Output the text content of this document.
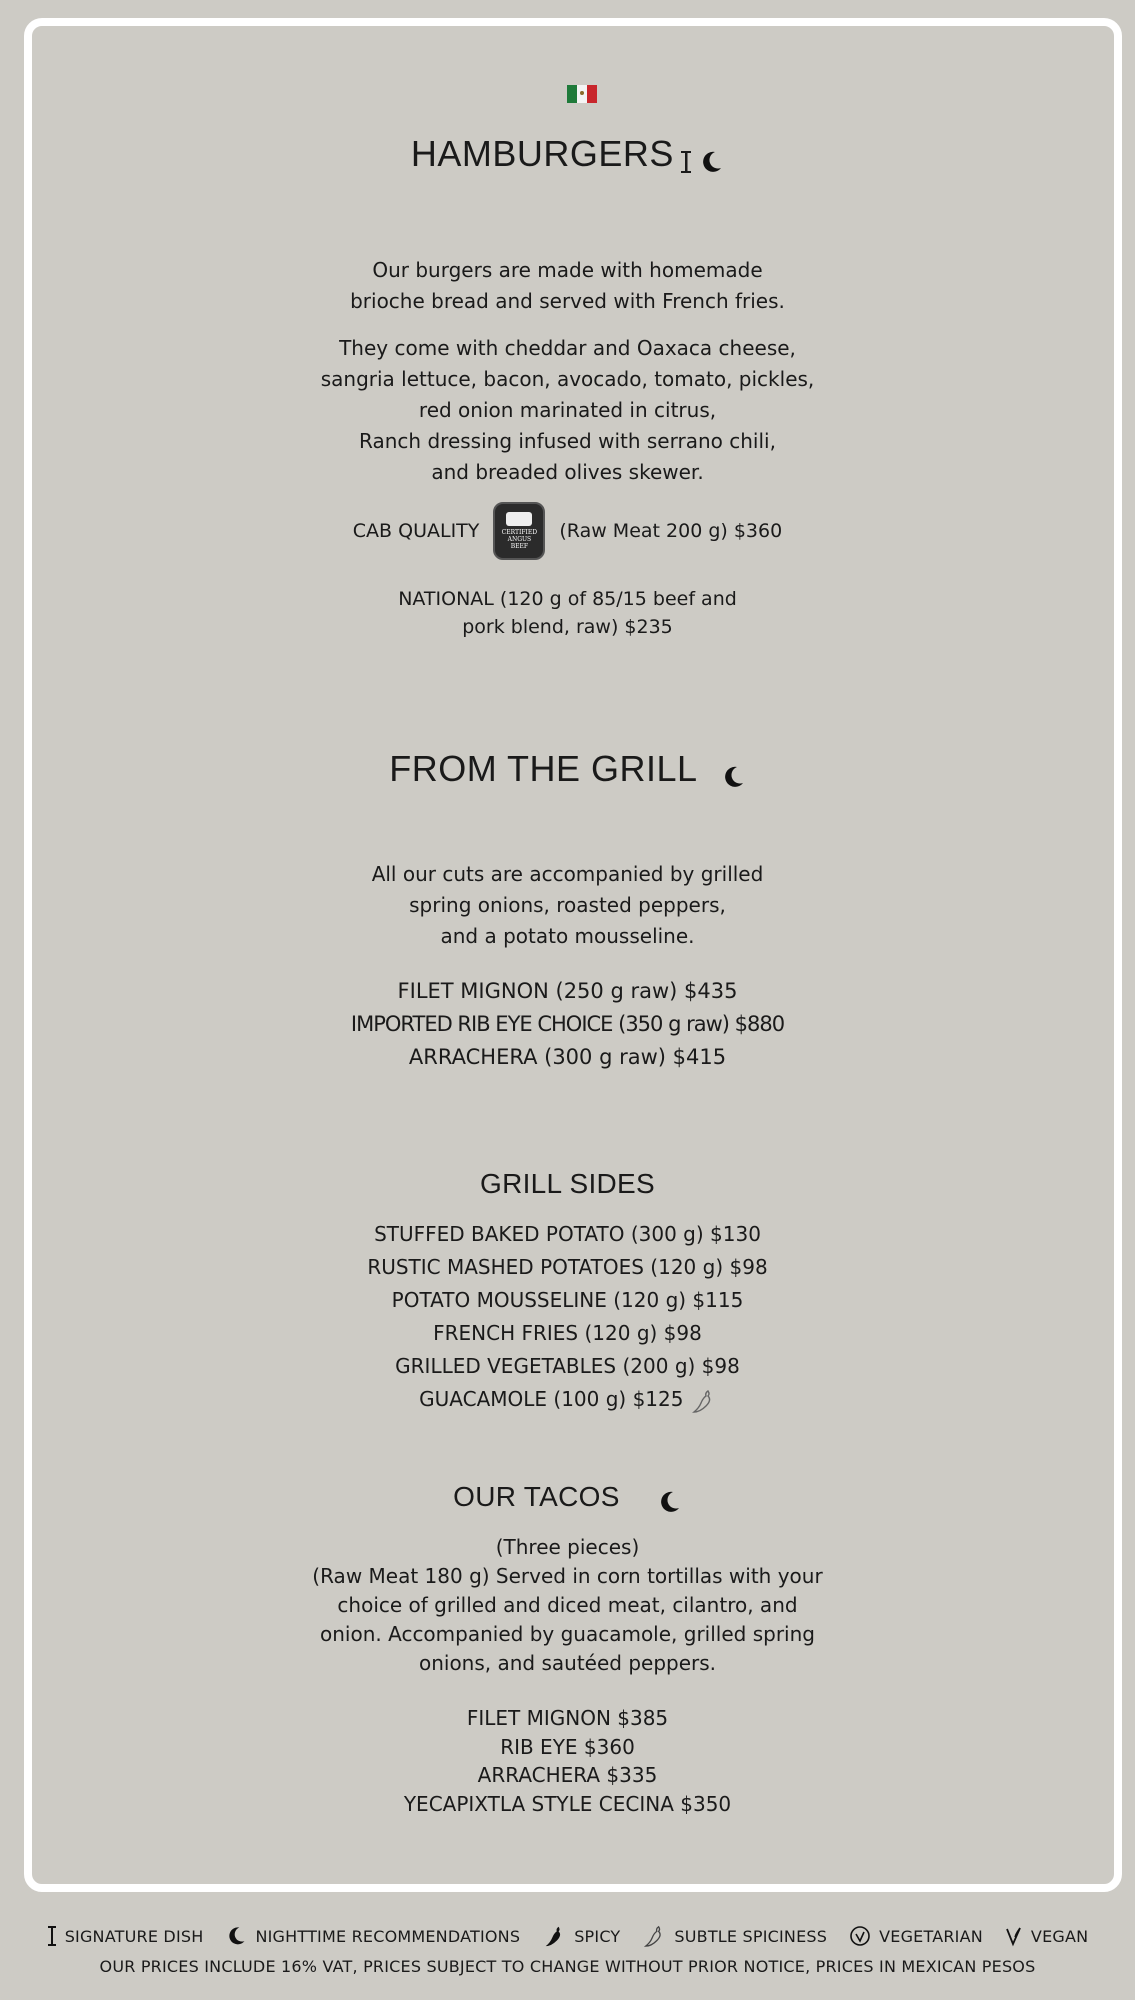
HAMBURGERS
Our burgers are made with homemade
brioche bread and served with French fries.
They come with cheddar and Oaxaca cheese,
sangria lettuce, bacon, avocado, tomato, pickles,
red onion marinated in citrus,
Ranch dressing infused with serrano chili,
and breaded olives skewer.
CAB QUALITY	CERTIFIED ANGUS BEEF
(Raw Meat 200 g) $360
NATIONAL (120 g of 85/15 beef and
pork blend, raw) $235
FROM THE GRILL
All our cuts are accompanied by grilled
spring onions, roasted peppers,
and a potato mousseline.
FILET MIGNON (250 g raw) $435
IMPORTED RIB EYE CHOICE (350 g raw) $880
ARRACHERA (300 g raw) $415
GRILL SIDES
STUFFED BAKED POTATO (300 g) $130
RUSTIC MASHED POTATOES (120 g) $98
POTATO MOUSSELINE (120 g) $115
FRENCH FRIES (120 g) $98
GRILLED VEGETABLES (200 g) $98
GUACAMOLE (100 g) $125
OUR TACOS
(Three pieces)
(Raw Meat 180 g) Served in corn tortillas with your
choice of grilled and diced meat, cilantro, and
onion. Accompanied by guacamole, grilled spring
onions, and sautéed peppers.
FILET MIGNON $385
RIB EYE $360
ARRACHERA $335
YECAPIXTLA STYLE CECINA $350
SIGNATURE DISH	NIGHTTIME RECOMMENDATIONS	SPICY	SUBTLE SPICINESS	VEGETARIAN	VEGAN
OUR PRICES INCLUDE 16% VAT, PRICES SUBJECT TO CHANGE WITHOUT PRIOR NOTICE, PRICES IN MEXICAN PESOS
